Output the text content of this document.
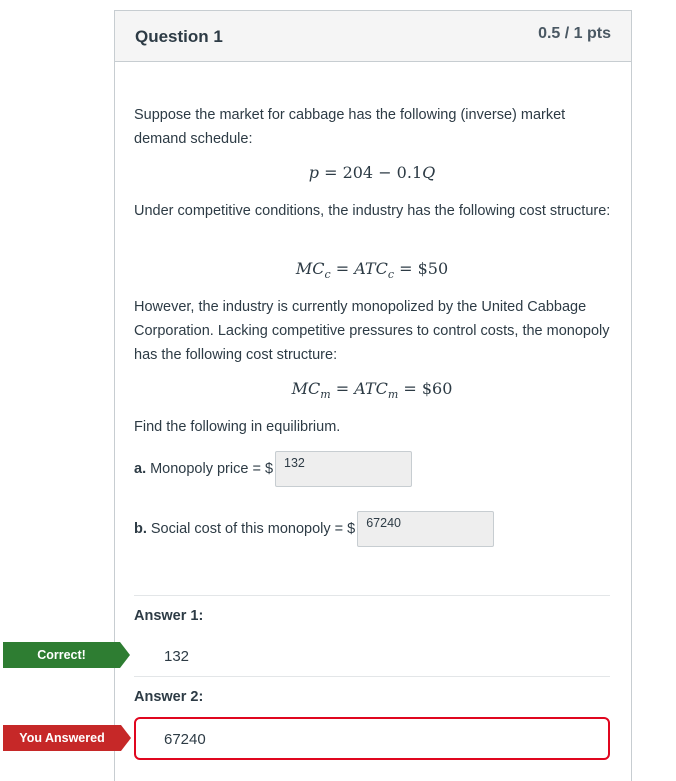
Question 1	0.5 / 1 pts
Suppose the market for cabbage has the following (inverse) market demand schedule:
p = 204 − 0.1Q
Under competitive conditions, the industry has the following cost structure:
$MC_c = ATC_c$ = $50
However, the industry is currently monopolized by the United Cabbage Corporation. Lacking competitive pressures to control costs, the monopoly has the following cost structure:
$MC_m = ATC_m$ = $60
Find the following in equilibrium.
a. Monopoly price = $ 132
b. Social cost of this monopoly = $ 67240
Answer 1:
Correct!	132
Answer 2:
You Answered	67240
